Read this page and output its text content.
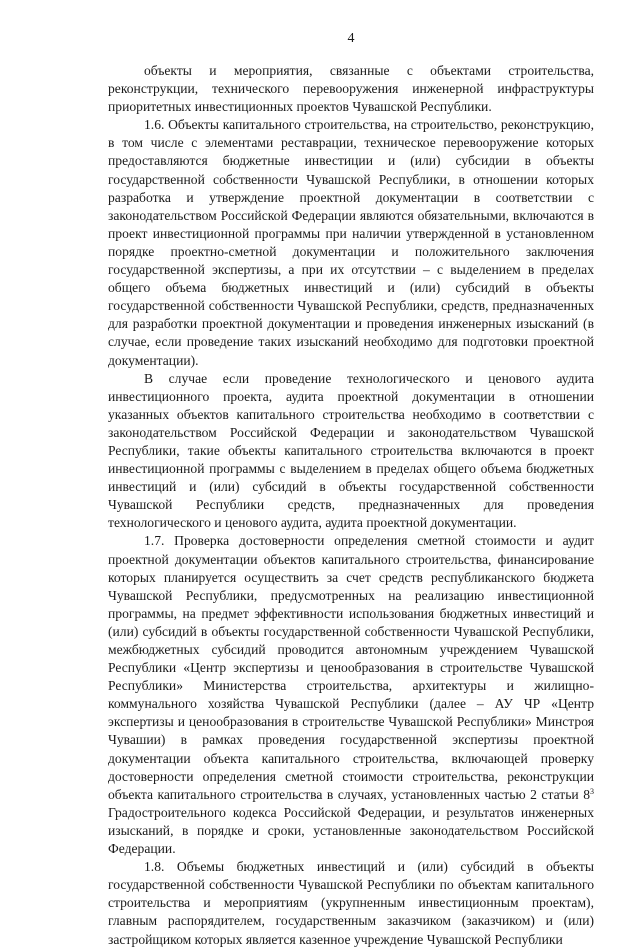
4

объекты и мероприятия, связанные с объектами строительства, реконструкции, технического перевооружения инженерной инфраструктуры приоритетных инвестиционных проектов Чувашской Республики.

1.6. Объекты капитального строительства, на строительство, реконструкцию, в том числе с элементами реставрации, техническое перевооружение которых предоставляются бюджетные инвестиции и (или) субсидии в объекты государственной собственности Чувашской Республики, в отношении которых разработка и утверждение проектной документации в соответствии с законодательством Российской Федерации являются обязательными, включаются в проект инвестиционной программы при наличии утвержденной в установленном порядке проектно-сметной документации и положительного заключения государственной экспертизы, а при их отсутствии – с выделением в пределах общего объема бюджетных инвестиций и (или) субсидий в объекты государственной собственности Чувашской Республики, средств, предназначенных для разработки проектной документации и проведения инженерных изысканий (в случае, если проведение таких изысканий необходимо для подготовки проектной документации).

В случае если проведение технологического и ценового аудита инвестиционного проекта, аудита проектной документации в отношении указанных объектов капитального строительства необходимо в соответствии с законодательством Российской Федерации и законодательством Чувашской Республики, такие объекты капитального строительства включаются в проект инвестиционной программы с выделением в пределах общего объема бюджетных инвестиций и (или) субсидий в объекты государственной собственности Чувашской Республики средств, предназначенных для проведения технологического и ценового аудита, аудита проектной документации.

1.7. Проверка достоверности определения сметной стоимости и аудит проектной документации объектов капитального строительства, финансирование которых планируется осуществить за счет средств республиканского бюджета Чувашской Республики, предусмотренных на реализацию инвестиционной программы, на предмет эффективности использования бюджетных инвестиций и (или) субсидий в объекты государственной собственности Чувашской Республики, межбюджетных субсидий проводится автономным учреждением Чувашской Республики «Центр экспертизы и ценообразования в строительстве Чувашской Республики» Министерства строительства, архитектуры и жилищно-коммунального хозяйства Чувашской Республики (далее – АУ ЧР «Центр экспертизы и ценообразования в строительстве Чувашской Республики» Минстроя Чувашии) в рамках проведения государственной экспертизы проектной документации объекта капитального строительства, включающей проверку достоверности определения сметной стоимости строительства, реконструкции объекта капитального строительства в случаях, установленных частью 2 статьи $8^3$ Градостроительного кодекса Российской Федерации, и результатов инженерных изысканий, в порядке и сроки, установленные законодательством Российской Федерации.

1.8. Объемы бюджетных инвестиций и (или) субсидий в объекты государственной собственности Чувашской Республики по объектам капитального строительства и мероприятиям (укрупненным инвестиционным проектам), главным распорядителем, государственным заказчиком (заказчиком) и (или) застройщиком которых является казенное учреждение Чувашской Республики
